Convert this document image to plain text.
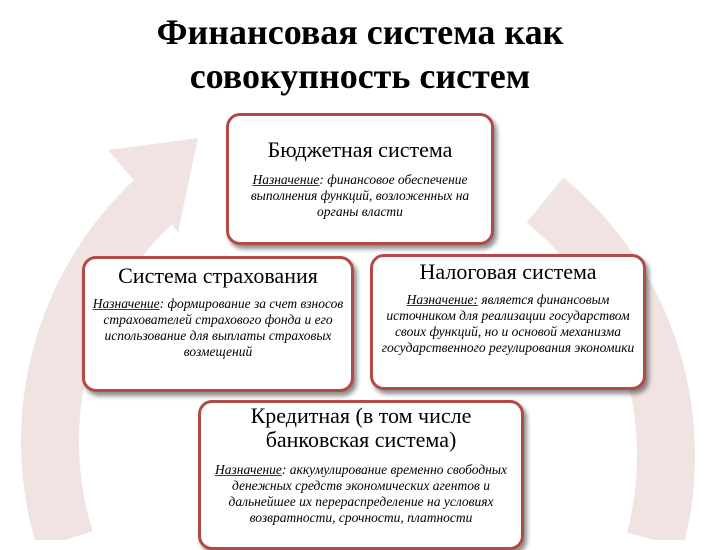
Финансовая система как
совокупность систем
Бюджетная система
Назначение: финансовое обеспечение выполнения функций, возложенных на органы власти
Система страхования
Назначение: формирование за счет взносов страхователей страхового фонда и его использование для выплаты страховых возмещений
Налоговая система
Назначение: является финансовым источником для реализации государством своих функций, но и основой механизма государственного регулирования экономики
Кредитная (в том числе банковская система)
Назначение: аккумулирование временно свободных денежных средств экономических агентов и дальнейшее их перераспределение на условиях возвратности, срочности, платности
